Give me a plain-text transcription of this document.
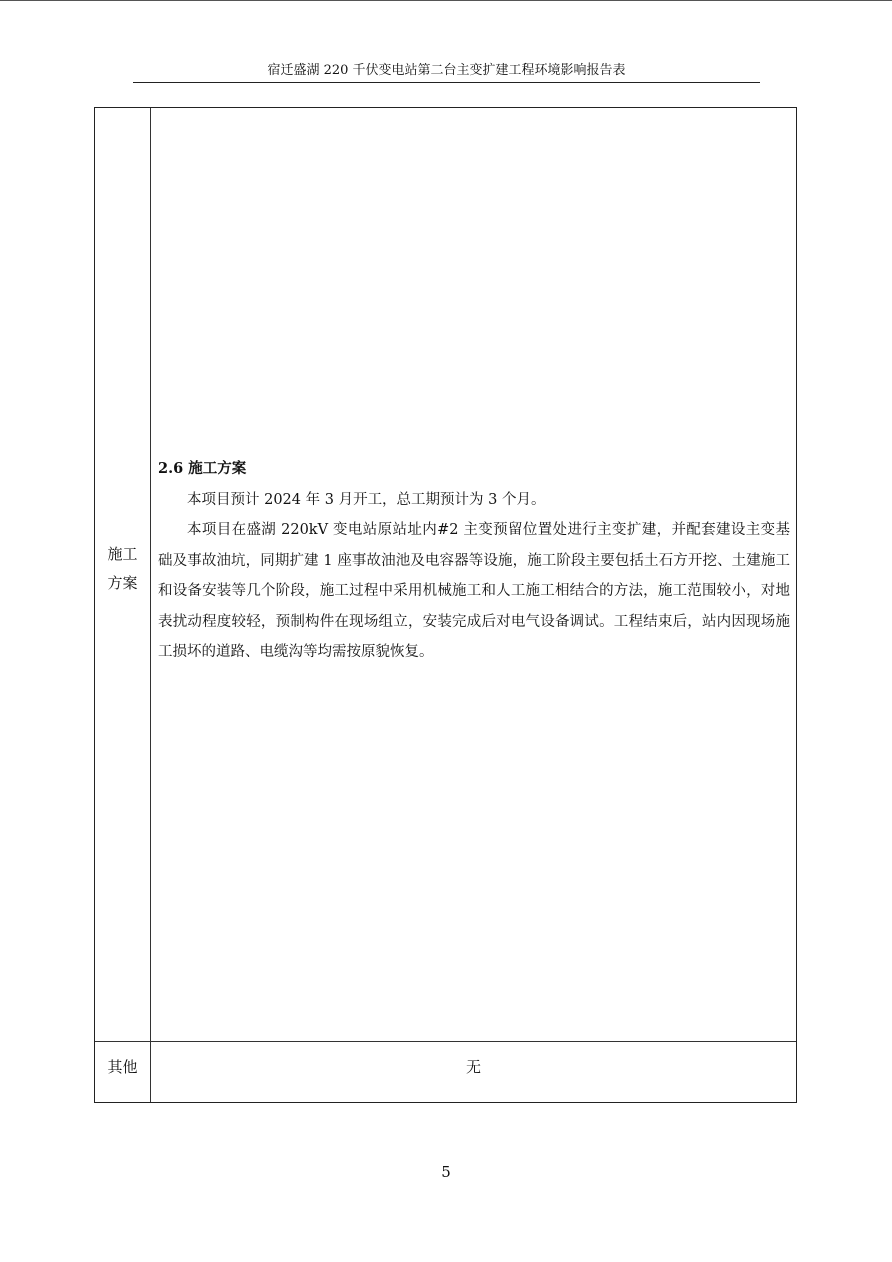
宿迁盛湖 220 千伏变电站第二台主变扩建工程环境影响报告表
施工
方案

2.6 施工方案

本项目预计 2024 年 3 月开工，总工期预计为 3 个月。

本项目在盛湖 220kV 变电站原站址内#2 主变预留位置处进行主变扩建，并配套建设主变基础及事故油坑，同期扩建 1 座事故油池及电容器等设施，施工阶段主要包括土石方开挖、土建施工和设备安装等几个阶段，施工过程中采用机械施工和人工施工相结合的方法，施工范围较小，对地表扰动程度较轻，预制构件在现场组立，安装完成后对电气设备调试。工程结束后，站内因现场施工损坏的道路、电缆沟等均需按原貌恢复。

其他	无
5
